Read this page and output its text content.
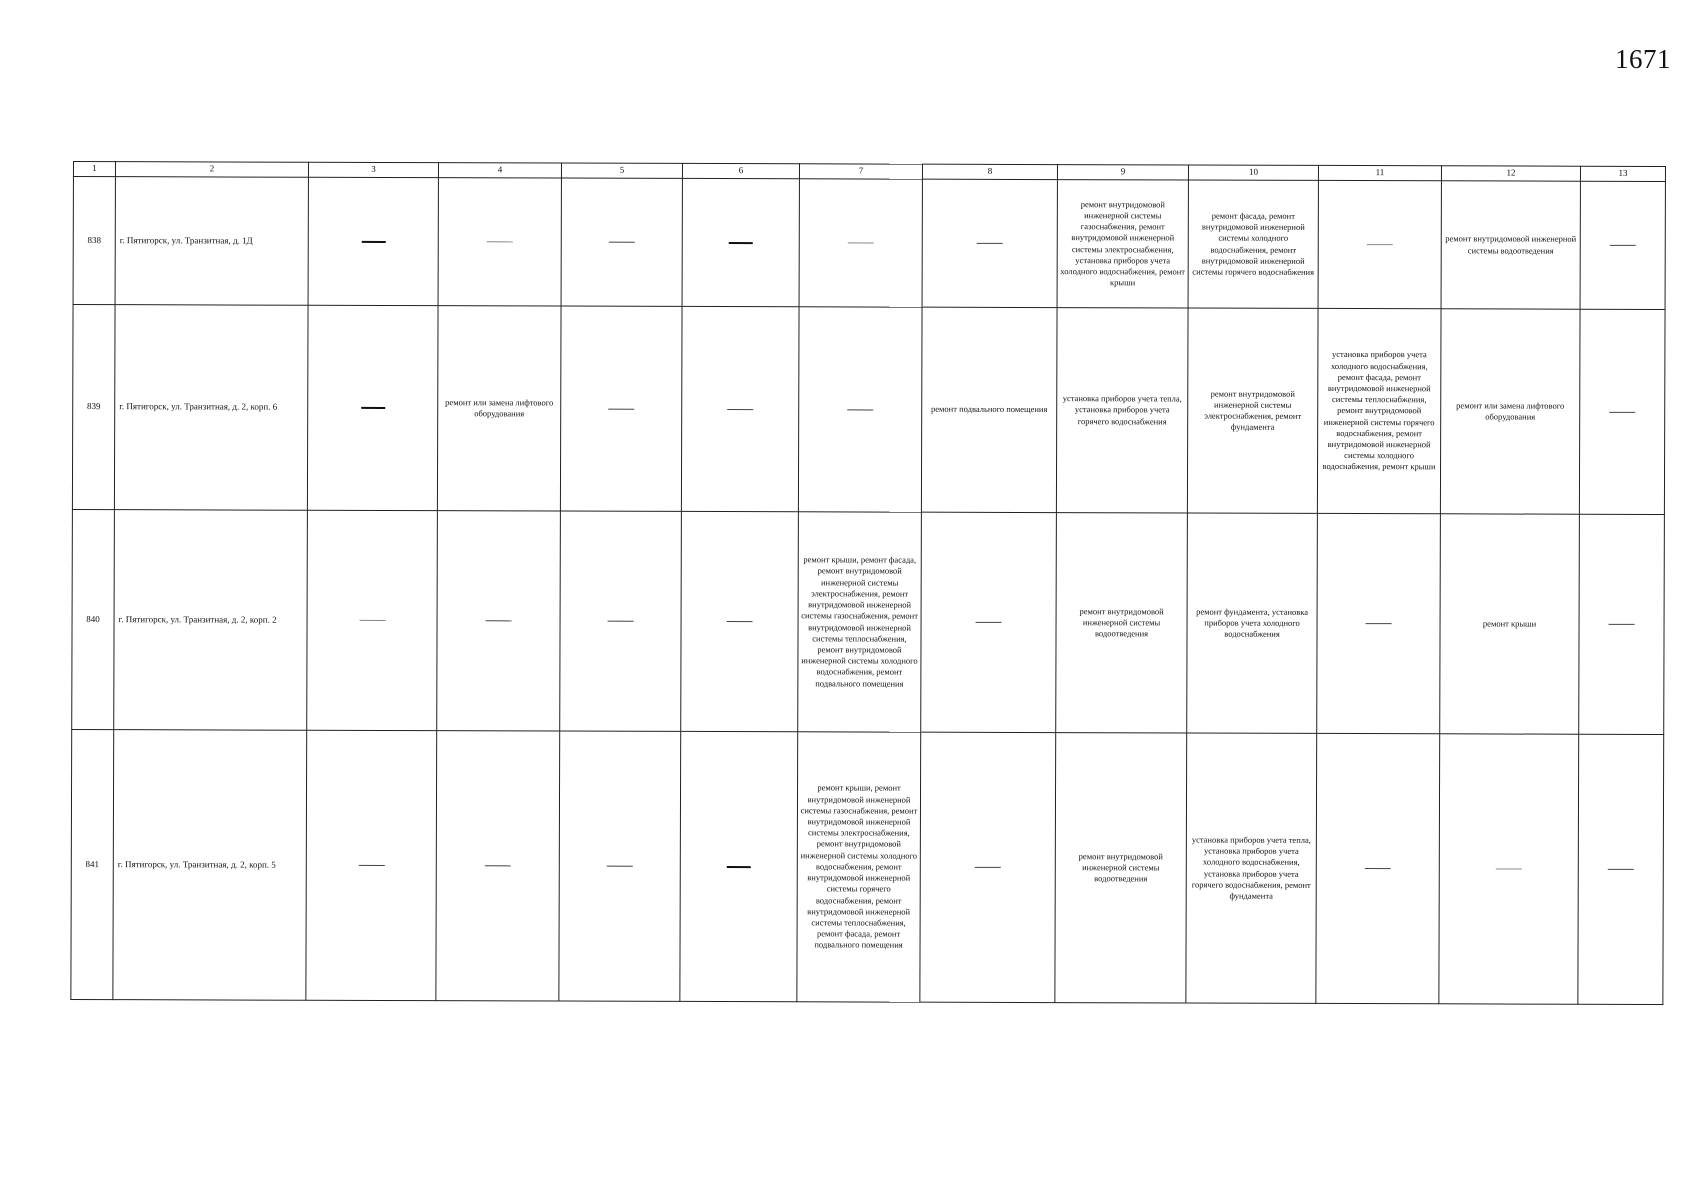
1671
1	2	3	4	5	6	7	8	9	10	11	12	13
838	г. Пятигорск, ул. Транзитная, д. 1Д							ремонт внутридомовой инженерной системы газоснабжения, ремонт внутридомовой инженерной системы электроснабжения, установка приборов учета холодного водоснабжения, ремонт крыши	ремонт фасада, ремонт внутридомовой инженерной системы холодного водоснабжения, ремонт внутридомовой инженерной системы горячего водоснабжения		ремонт внутридомовой инженерной системы водоотведения	
839	г. Пятигорск, ул. Транзитная, д. 2, корп. 6		ремонт или замена лифтового оборудования				ремонт подвального помещения	установка приборов учета тепла, установка приборов учета горячего водоснабжения	ремонт внутридомовой инженерной системы электроснабжения, ремонт фундамента	установка приборов учета холодного водоснабжения, ремонт фасада, ремонт внутридомовой инженерной системы теплоснабжения, ремонт внутридомовой инженерной системы горячего водоснабжения, ремонт внутридомовой инженерной системы холодного водоснабжения, ремонт крыши	ремонт или замена лифтового оборудования	
840	г. Пятигорск, ул. Транзитная, д. 2, корп. 2					ремонт крыши, ремонт фасада, ремонт внутридомовой инженерной системы электроснабжения, ремонт внутридомовой инженерной системы газоснабжения, ремонт внутридомовой инженерной системы теплоснабжения, ремонт внутридомовой инженерной системы холодного водоснабжения, ремонт подвального помещения		ремонт внутридомовой инженерной системы водоотведения	ремонт фундамента, установка приборов учета холодного водоснабжения		ремонт крыши	
841	г. Пятигорск, ул. Транзитная, д. 2, корп. 5					ремонт крыши, ремонт внутридомовой инженерной системы газоснабжения, ремонт внутридомовой инженерной системы электроснабжения, ремонт внутридомовой инженерной системы холодного водоснабжения, ремонт внутридомовой инженерной системы горячего водоснабжения, ремонт внутридомовой инженерной системы теплоснабжения, ремонт фасада, ремонт подвального помещения		ремонт внутридомовой инженерной системы водоотведения	установка приборов учета тепла, установка приборов учета холодного водоснабжения, установка приборов учета горячего водоснабжения, ремонт фундамента			
